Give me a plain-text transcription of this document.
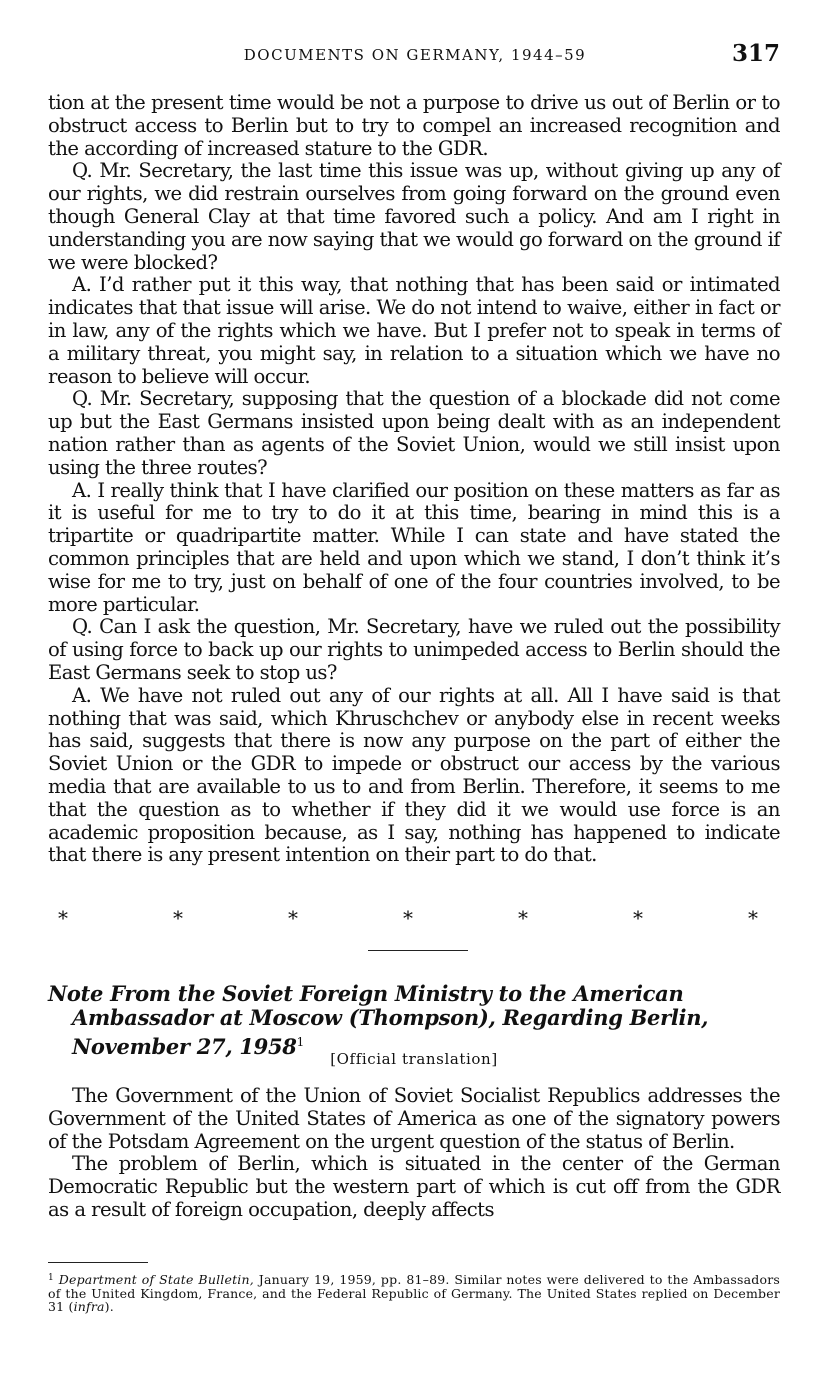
DOCUMENTS ON GERMANY, 1944–59	317

tion at the present time would be not a purpose to drive us out of Berlin or to obstruct access to Berlin but to try to compel an increased recognition and the according of increased stature to the GDR.

Q. Mr. Secretary, the last time this issue was up, without giving up any of our rights, we did restrain ourselves from going forward on the ground even though General Clay at that time favored such a policy. And am I right in understanding you are now saying that we would go forward on the ground if we were blocked?

A. I’d rather put it this way, that nothing that has been said or intimated indicates that that issue will arise. We do not intend to waive, either in fact or in law, any of the rights which we have. But I prefer not to speak in terms of a military threat, you might say, in relation to a situation which we have no reason to believe will occur.

Q. Mr. Secretary, supposing that the question of a blockade did not come up but the East Germans insisted upon being dealt with as an independent nation rather than as agents of the Soviet Union, would we still insist upon using the three routes?

A. I really think that I have clarified our position on these matters as far as it is useful for me to try to do it at this time, bearing in mind this is a tripartite or quadripartite matter. While I can state and have stated the common principles that are held and upon which we stand, I don’t think it’s wise for me to try, just on behalf of one of the four countries involved, to be more particular.

Q. Can I ask the question, Mr. Secretary, have we ruled out the possibility of using force to back up our rights to unimpeded access to Berlin should the East Germans seek to stop us?

A. We have not ruled out any of our rights at all. All I have said is that nothing that was said, which Khruschchev or anybody else in recent weeks has said, suggests that there is now any purpose on the part of either the Soviet Union or the GDR to impede or obstruct our access by the various media that are available to us to and from Berlin. Therefore, it seems to me that the question as to whether if they did it we would use force is an academic proposition because, as I say, nothing has happened to indicate that there is any present intention on their part to do that.

*	*	*	*	*	*	*
Note From the Soviet Foreign Ministry to the American Ambassador at Moscow (Thompson), Regarding Berlin, November 27, 1958$^1$
[Official translation]

The Government of the Union of Soviet Socialist Republics addresses the Government of the United States of America as one of the signatory powers of the Potsdam Agreement on the urgent question of the status of Berlin.

The problem of Berlin, which is situated in the center of the German Democratic Republic but the western part of which is cut off from the GDR as a result of foreign occupation, deeply affects

$^1$ Department of State Bulletin, January 19, 1959, pp. 81–89. Similar notes were delivered to the Ambassadors of the United Kingdom, France, and the Federal Republic of Germany. The United States replied on December 31 (infra).
